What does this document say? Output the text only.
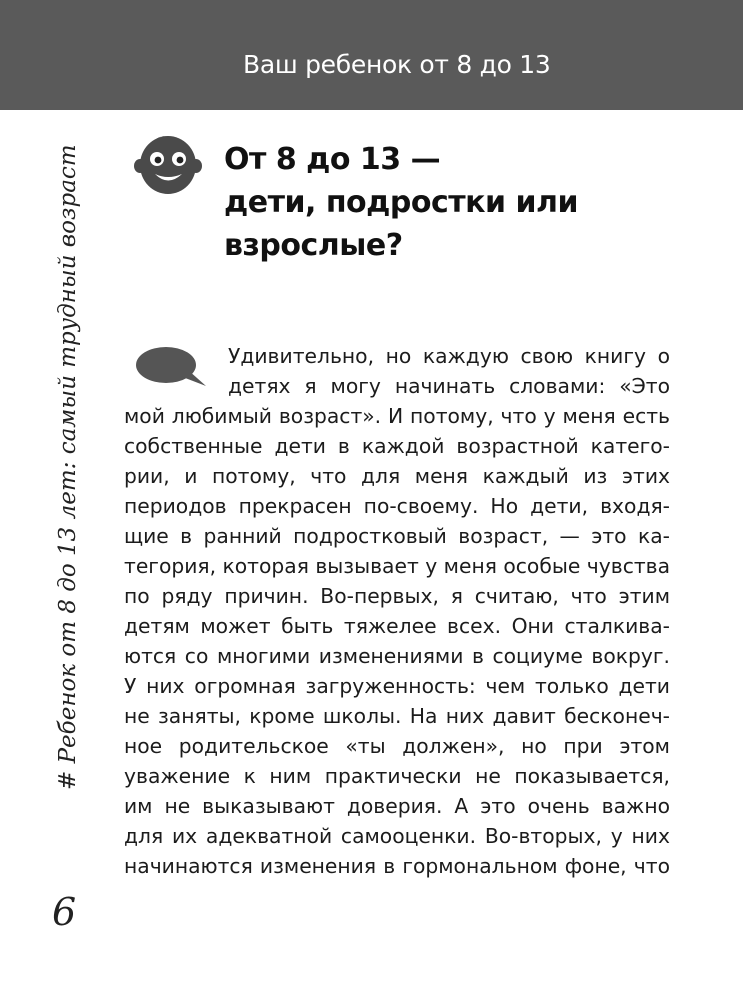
Ваш ребенок от 8 до 13
От 8 до 13 —
дети, подростки или
взрослые?
Удивительно, но каждую свою книгу о
детях я могу начинать словами: «Это
мой любимый возраст». И потому, что у меня есть
собственные дети в каждой возрастной катего-
рии, и потому, что для меня каждый из этих
периодов прекрасен по-своему. Но дети, входя-
щие в ранний подростковый возраст, — это ка-
тегория, которая вызывает у меня особые чувства
по ряду причин. Во-первых, я считаю, что этим
детям может быть тяжелее всех. Они сталкива-
ются со многими изменениями в социуме вокруг.
У них огромная загруженность: чем только дети
не заняты, кроме школы. На них давит бесконеч-
ное родительское «ты должен», но при этом
уважение к ним практически не показывается,
им не выказывают доверия. А это очень важно
для их адекватной самооценки. Во-вторых, у них
начинаются изменения в гормональном фоне, что
# Ребенок от 8 до 13 лет: самый трудный возраст
6
